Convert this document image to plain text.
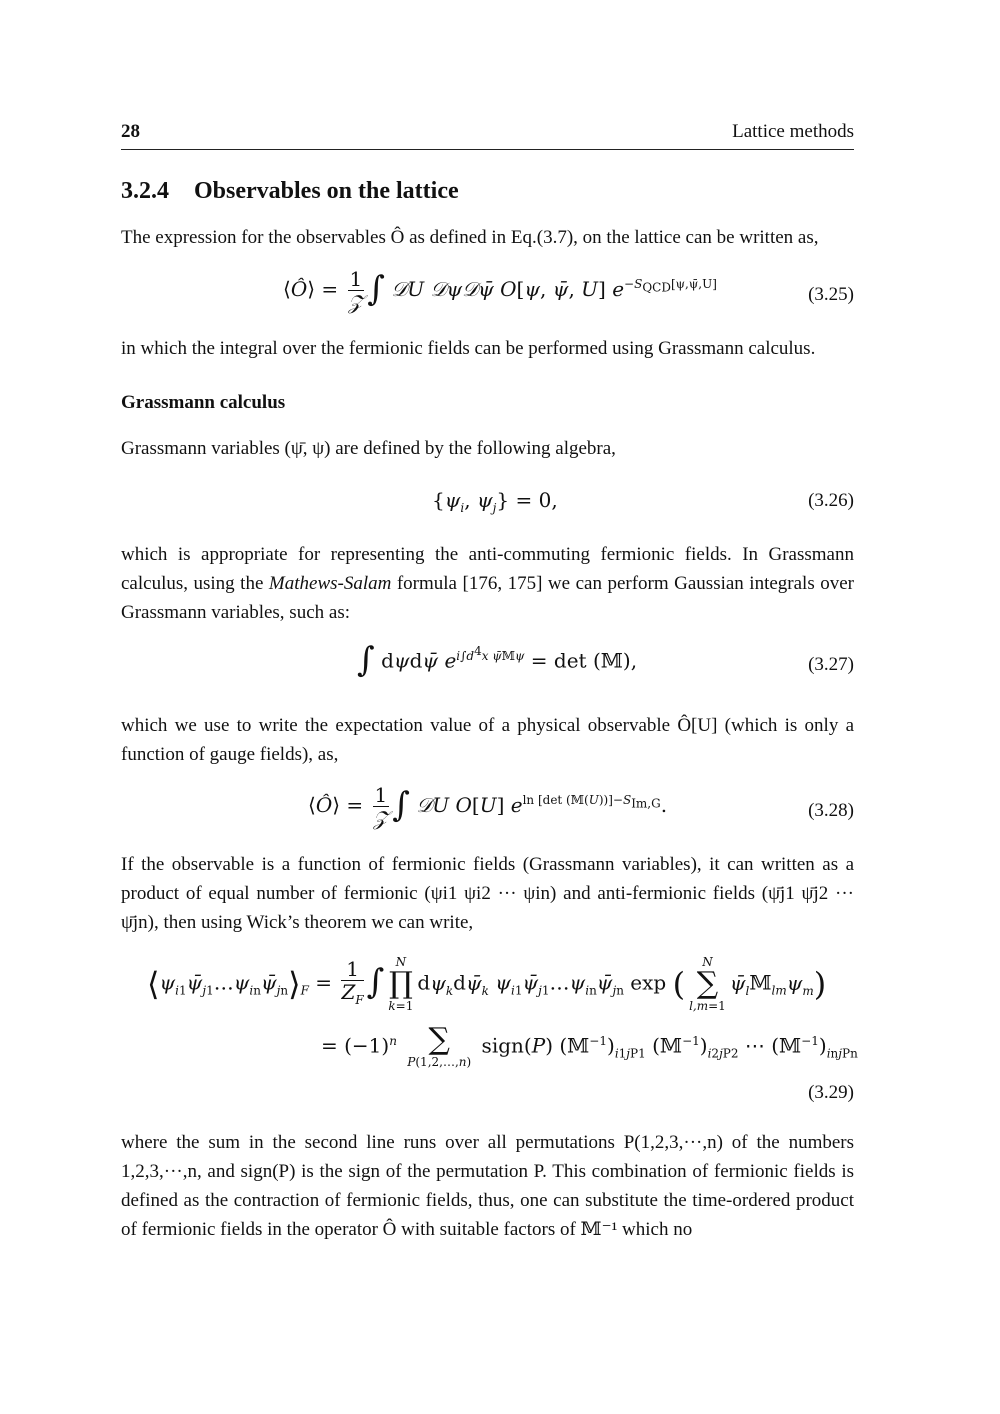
28	Lattice methods
3.2.4 Observables on the lattice

The expression for the observables Ô as defined in Eq.(3.7), on the lattice can be written as,

⟨Ô⟩ = $\frac{1}{\text{𝒵}}$ ∫ 𝒟U 𝒟ψ𝒟ψ̄ O[ψ, ψ̄, U] $e^{-S_{QCD}[\psi,\psī,U]}$	(3.25)

in which the integral over the fermionic fields can be performed using Grassmann calculus.

Grassmann calculus

Grassmann variables (ψ̄, ψ) are defined by the following algebra,

{$\psi_i$, $\psi_j\} = 0$,	(3.26)

which is appropriate for representing the anti-commuting fermionic fields. In Grassmann calculus, using the Mathews-Salam formula [176, 175] we can perform Gaussian integrals over Grassmann variables, such as:

∫ dψdψ̄ $e^{i\int d^4x \psī𝕄\psi} = \det$ (𝕄),	(3.27)

which we use to write the expectation value of a physical observable Ô[U] (which is only a function of gauge fields), as,

⟨Ô⟩ = $\frac{1}{\text{𝒵}}$ ∫ 𝒟U O[U] $e^{ln [det (𝕄(U))]-S_{Im,G}}$.	(3.28)

If the observable is a function of fermionic fields (Grassmann variables), it can written as a product of equal number of fermionic (ψi1 ψi2 ··· ψin) and anti-fermionic fields (ψ̄j1 ψ̄j2 ··· ψ̄jn), then using Wick’s theorem we can write,

$⟨\psi_{i1}\psī_{j1}\dots\psi_{in}\psī_{jn}⟩_F = \frac{1}{Z_F}$ ∫ N
∏
k=1
$d\psi_kd\psī_k$ $\psi_{i1}\psī_{j1}\dots\psi_{in}\psī_{jn}$ exp (
N
∑
l,m=1
$\psī_l𝕄_{lm}\psi_m$)
= $(-1)^n$	∑
P(1,2,…,n)
sign(P) $(𝕄^{-1})_{i1jP1}$ $(𝕄^{-1})_{i2jP2}$ ⋯ $(𝕄^{-1})_{injPn}$
(3.29)

where the sum in the second line runs over all permutations P(1,2,3,···,n) of the numbers 1,2,3,···,n, and sign(P) is the sign of the permutation P. This combination of fermionic fields is defined as the contraction of fermionic fields, thus, one can substitute the time-ordered product of fermionic fields in the operator Ô with suitable factors of 𝕄⁻¹ which no
